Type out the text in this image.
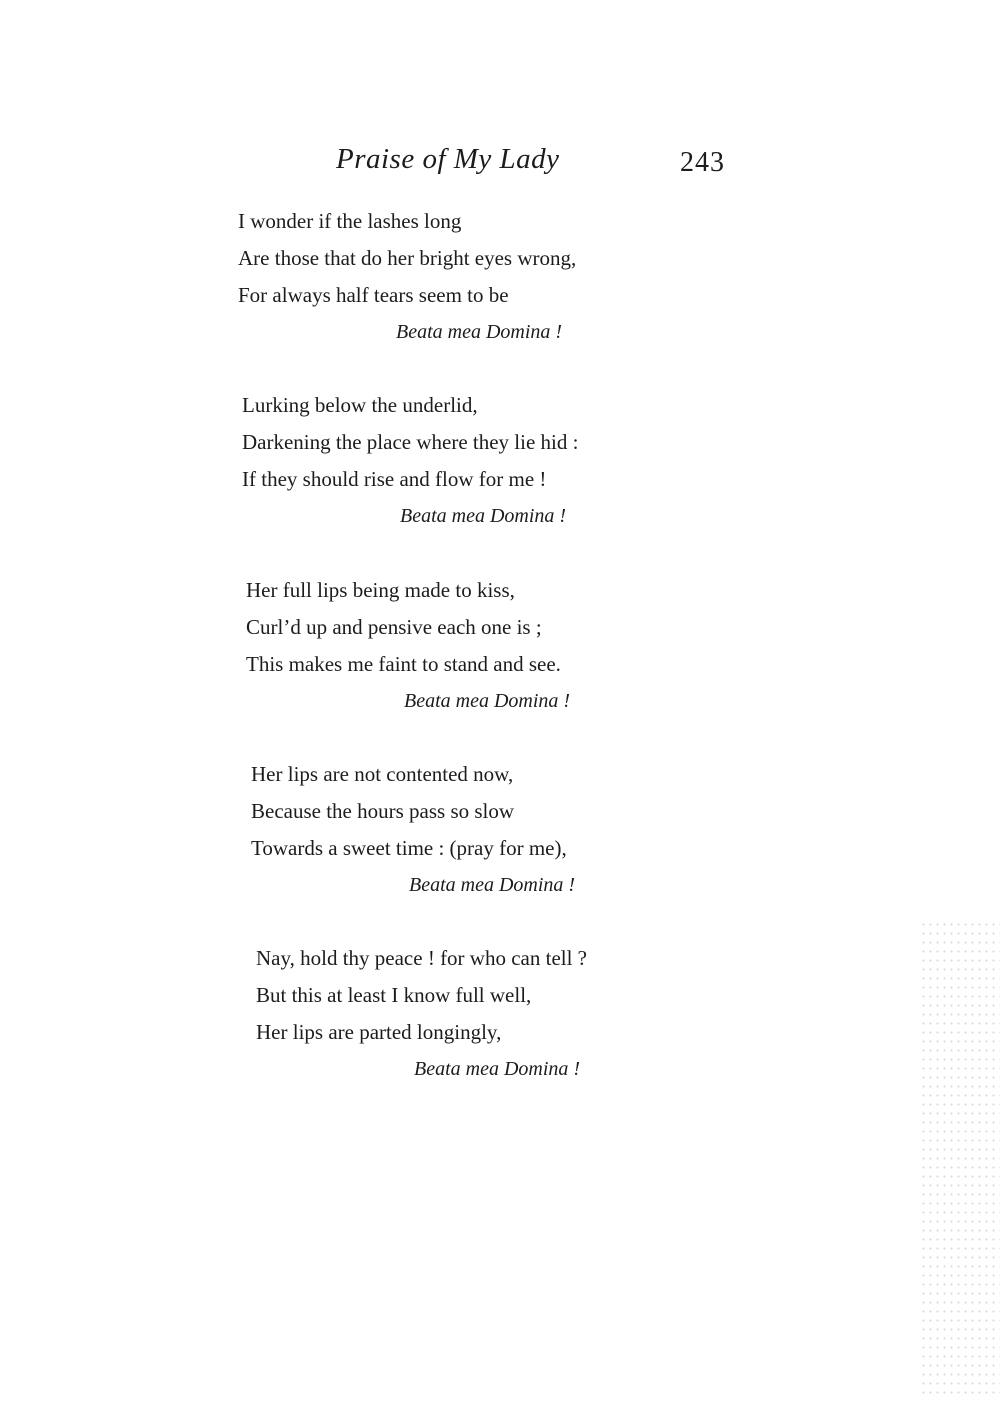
Praise of My Lady	243
I wonder if the lashes long
Are those that do her bright eyes wrong,
For always half tears seem to be
Beata mea Domina !
Lurking below the underlid,
Darkening the place where they lie hid :
If they should rise and flow for me !
Beata mea Domina !
Her full lips being made to kiss,
Curl’d up and pensive each one is ;
This makes me faint to stand and see.
Beata mea Domina !
Her lips are not contented now,
Because the hours pass so slow
Towards a sweet time : (pray for me),
Beata mea Domina !
Nay, hold thy peace ! for who can tell ?
But this at least I know full well,
Her lips are parted longingly,
Beata mea Domina !
